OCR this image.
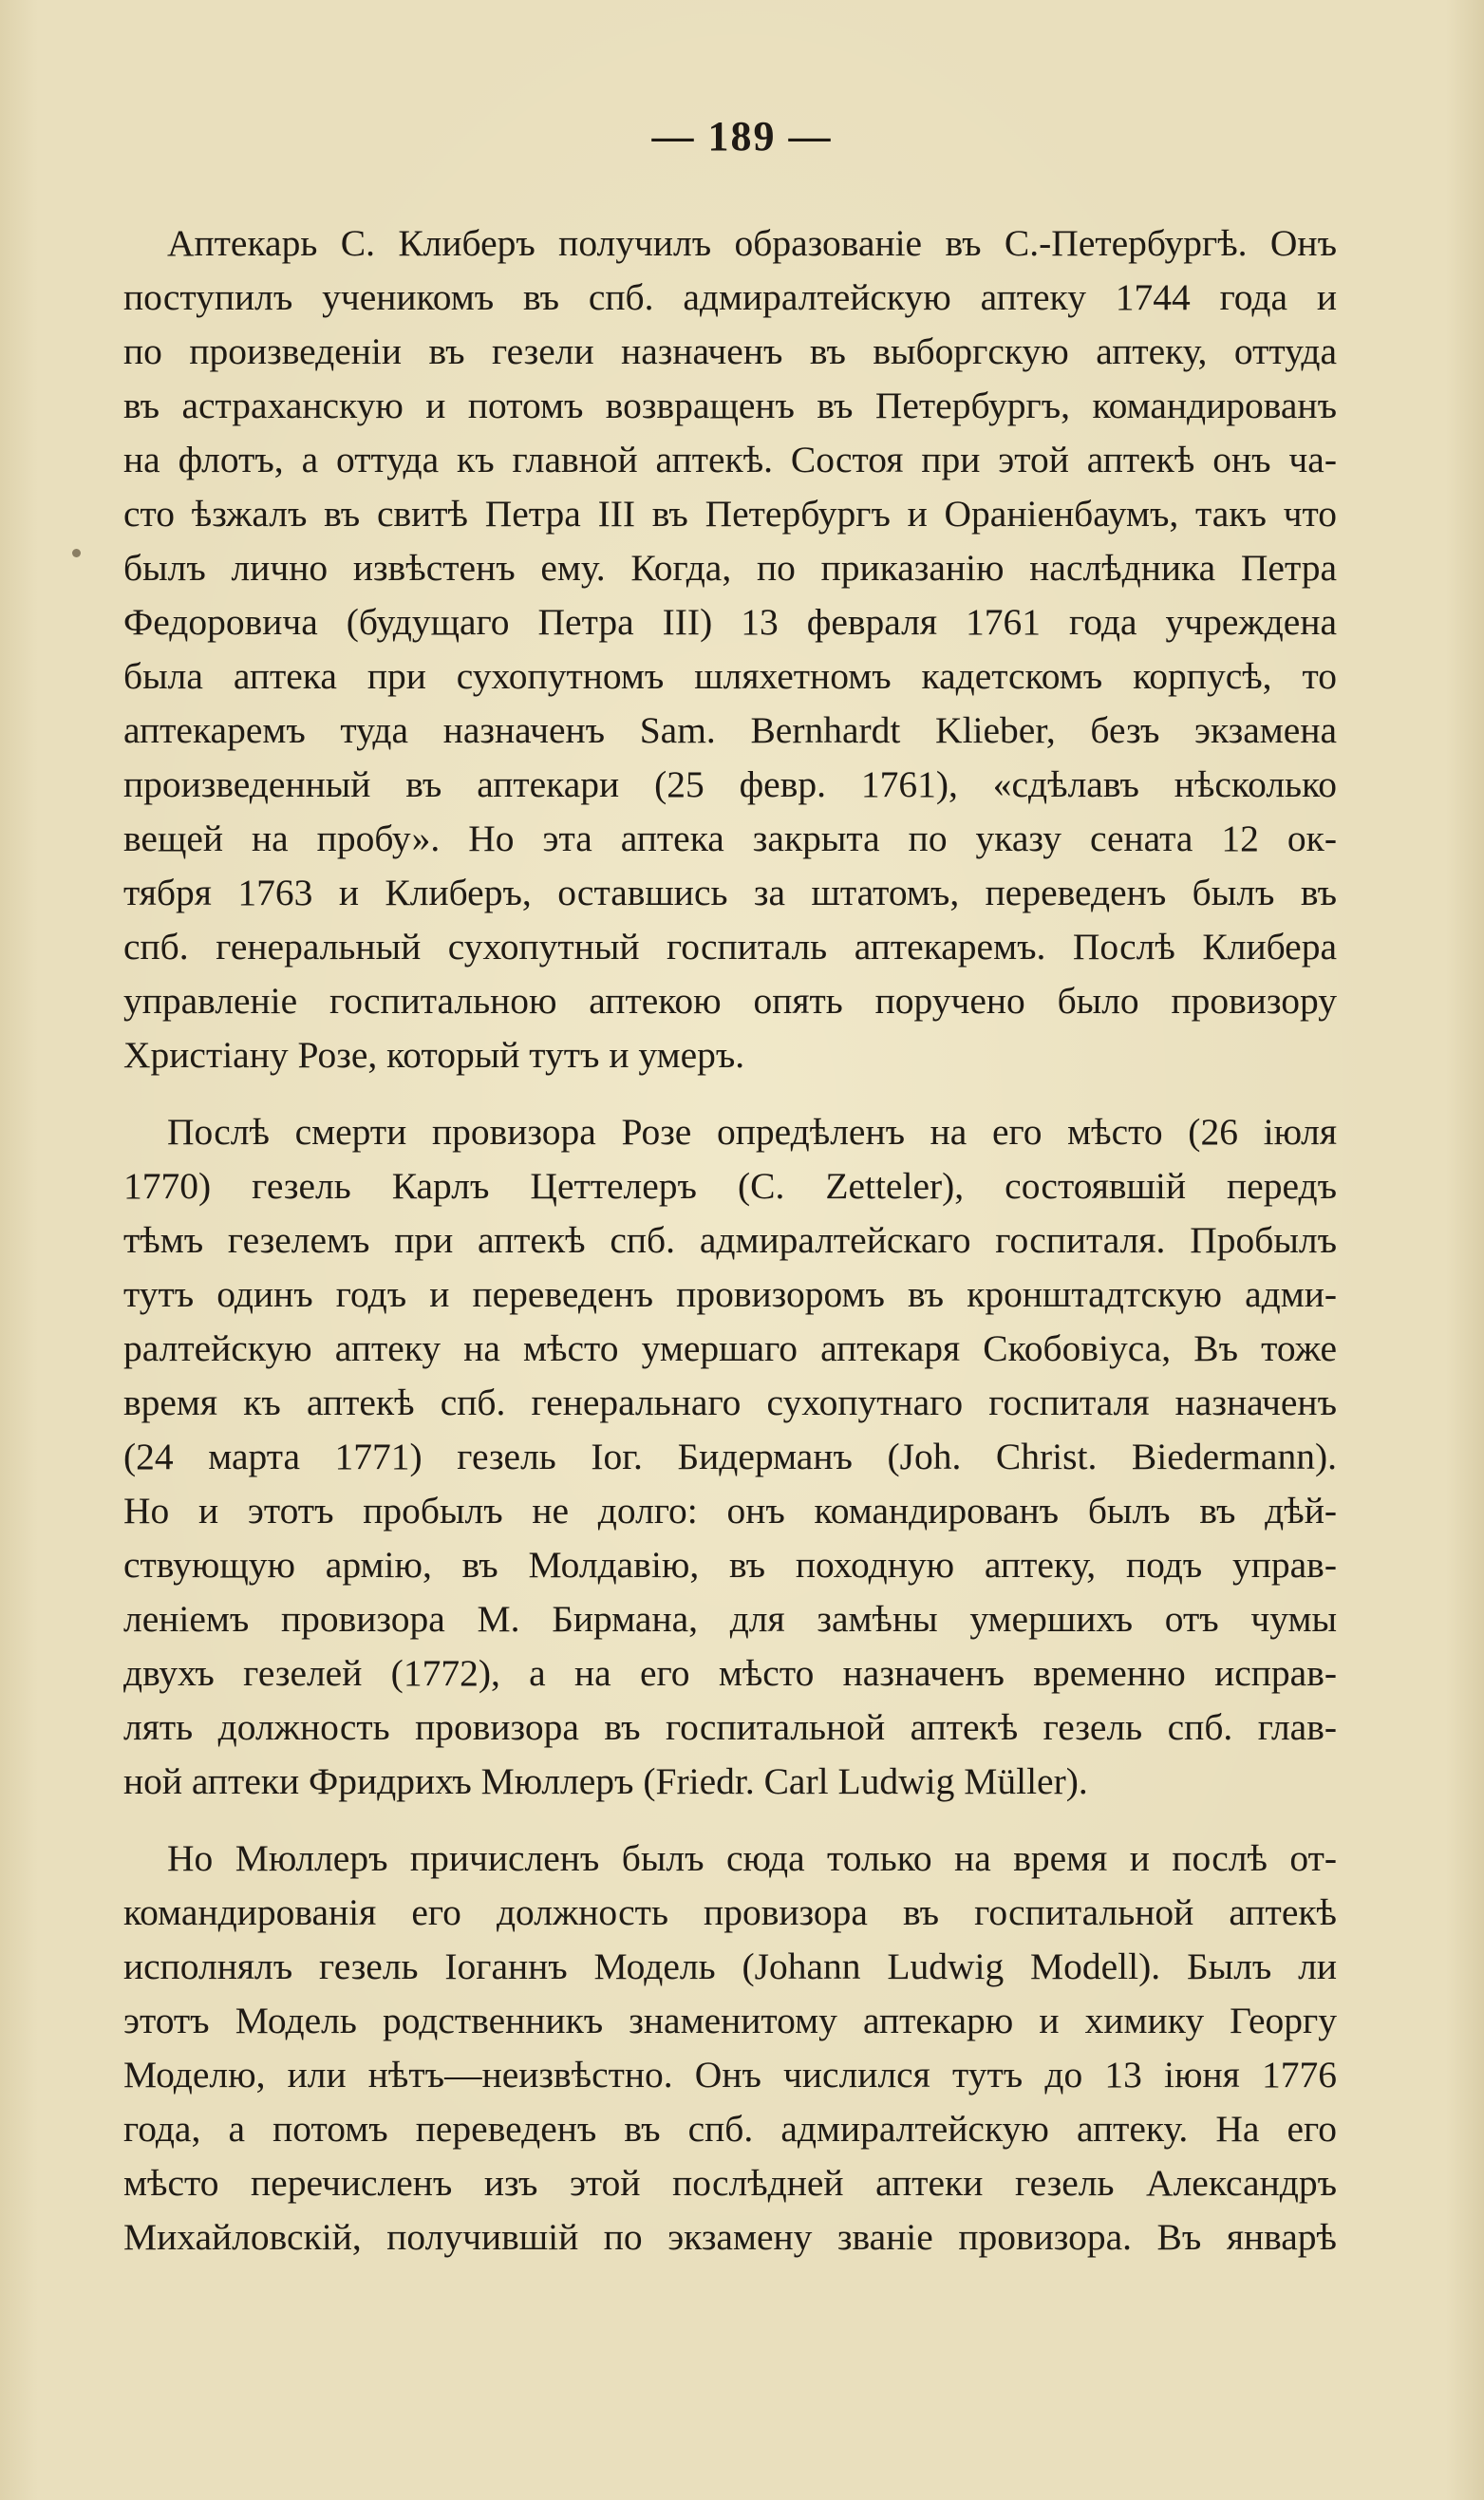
— 189 —
Аптекарь С. Клиберъ получилъ образованіе въ С.-Петербургѣ. Онъ
поступилъ ученикомъ въ спб. адмиралтейскую аптеку 1744 года и
по произведеніи въ гезели назначенъ въ выборгскую аптеку, оттуда
въ астраханскую и потомъ возвращенъ въ Петербургъ, командированъ
на флотъ, а оттуда къ главной аптекѣ. Состоя при этой аптекѣ онъ ча-
сто ѣзжалъ въ свитѣ Петра III въ Петербургъ и Ораніенбаумъ, такъ что
былъ лично извѣстенъ ему. Когда, по приказанію наслѣдника Петра
Федоровича (будущаго Петра III) 13 февраля 1761 года учреждена
была аптека при сухопутномъ шляхетномъ кадетскомъ корпусѣ, то
аптекаремъ туда назначенъ Sam. Bernhardt Klieber, безъ экзамена
произведенный въ аптекари (25 февр. 1761), «сдѣлавъ нѣсколько
вещей на пробу». Но эта аптека закрыта по указу сената 12 ок-
тября 1763 и Клиберъ, оставшись за штатомъ, переведенъ былъ въ
спб. генеральный сухопутный госпиталь аптекаремъ. Послѣ Клибера
управленіе госпитальною аптекою опять поручено было провизору
Христіану Розе, который тутъ и умеръ.
Послѣ смерти провизора Розе опредѣленъ на его мѣсто (26 іюля
1770) гезель Карлъ Цеттелеръ (C. Zetteler), состоявшій передъ
тѣмъ гезелемъ при аптекѣ спб. адмиралтейскаго госпиталя. Пробылъ
тутъ одинъ годъ и переведенъ провизоромъ въ кронштадтскую адми-
ралтейскую аптеку на мѣсто умершаго аптекаря Скобовіуса, Въ тоже
время къ аптекѣ спб. генеральнаго сухопутнаго госпиталя назначенъ
(24 марта 1771) гезель Іог. Бидерманъ (Joh. Christ. Biedermann).
Но и этотъ пробылъ не долго: онъ командированъ былъ въ дѣй-
ствующую армію, въ Молдавію, въ походную аптеку, подъ управ-
леніемъ провизора М. Бирмана, для замѣны умершихъ отъ чумы
двухъ гезелей (1772), а на его мѣсто назначенъ временно исправ-
лять должность провизора въ госпитальной аптекѣ гезель спб. глав-
ной аптеки Фридрихъ Мюллеръ (Friedr. Carl Ludwig Müller).
Но Мюллеръ причисленъ былъ сюда только на время и послѣ от-
командированія его должность провизора въ госпитальной аптекѣ
исполнялъ гезель Іоганнъ Модель (Johann Ludwig Modell). Былъ ли
этотъ Модель родственникъ знаменитому аптекарю и химику Георгу
Моделю, или нѣтъ—неизвѣстно. Онъ числился тутъ до 13 іюня 1776
года, а потомъ переведенъ въ спб. адмиралтейскую аптеку. На его
мѣсто перечисленъ изъ этой послѣдней аптеки гезель Александръ
Михайловскій, получившій по экзамену званіе провизора. Въ январѣ
